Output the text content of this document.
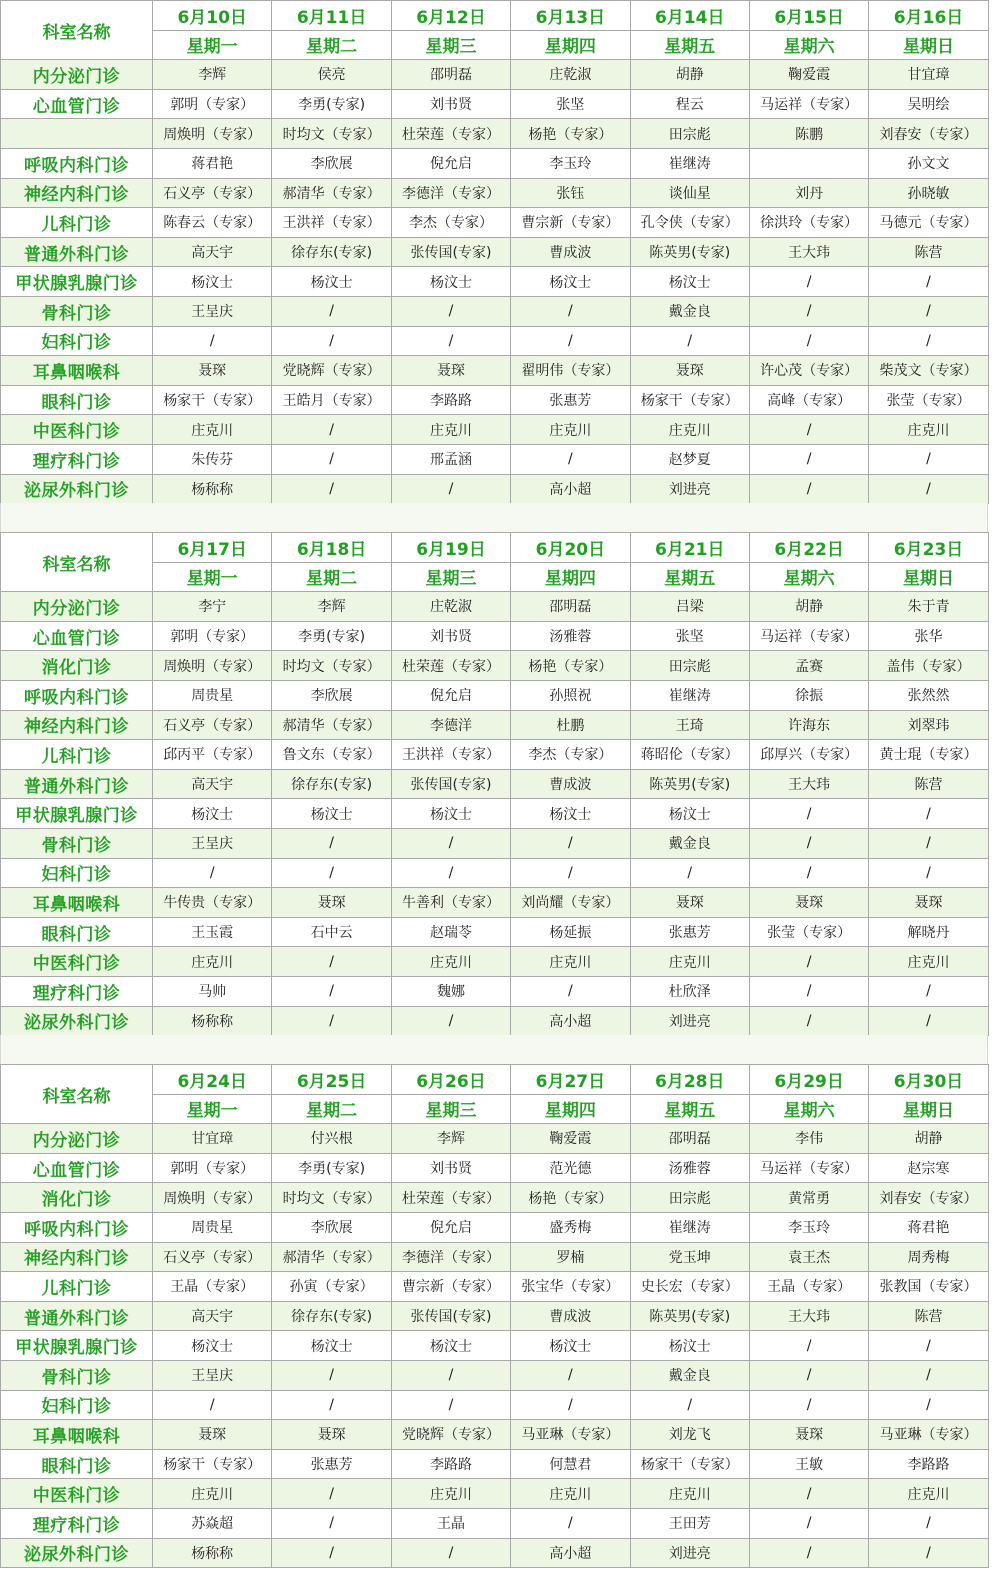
科室名称	6月10日	6月11日	6月12日	6月13日	6月14日	6月15日	6月16日
	星期一	星期二	星期三	星期四	星期五	星期六	星期日
内分泌门诊	李辉	侯亮	邵明磊	庄乾淑	胡静	鞠爱霞	甘宜璋
心血管门诊	郭明（专家）	李勇(专家)	刘书贤	张坚	程云	马运祥（专家）	吴明绘
	周焕明（专家）	时均文（专家）	杜荣莲（专家）	杨艳（专家）	田宗彪	陈鹏	刘春安（专家）
呼吸内科门诊	蒋君艳	李欣展	倪允启	李玉玲	崔继涛		孙文文
神经内科门诊	石义亭（专家）	郝清华（专家）	李德洋（专家）	张钰	谈仙星	刘丹	孙晓敏
儿科门诊	陈春云（专家）	王洪祥（专家）	李杰（专家）	曹宗新（专家）	孔令侠（专家）	徐洪玲（专家）	马德元（专家）
普通外科门诊	高天宇	徐存东(专家)	张传国(专家)	曹成波	陈英男(专家)	王大玮	陈营
甲状腺乳腺门诊	杨汶士	杨汶士	杨汶士	杨汶士	杨汶士	/	/
骨科门诊	王呈庆	/	/	/	戴金良	/	/
妇科门诊	/	/	/	/	/	/	/
耳鼻咽喉科	聂琛	党晓辉（专家）	聂琛	翟明伟（专家）	聂琛	许心茂（专家）	柴茂文（专家）
眼科门诊	杨家干（专家）	王皓月（专家）	李路路	张惠芳	杨家干（专家）	高峰（专家）	张莹（专家）
中医科门诊	庄克川	/	庄克川	庄克川	庄克川	/	庄克川
理疗科门诊	朱传芬	/	邢孟涵	/	赵梦夏	/	/
泌尿外科门诊	杨称称	/	/	高小超	刘进亮	/	/
科室名称	6月17日	6月18日	6月19日	6月20日	6月21日	6月22日	6月23日
	星期一	星期二	星期三	星期四	星期五	星期六	星期日
内分泌门诊	李宁	李辉	庄乾淑	邵明磊	吕梁	胡静	朱于青
心血管门诊	郭明（专家）	李勇(专家)	刘书贤	汤雅蓉	张坚	马运祥（专家）	张华
消化门诊	周焕明（专家）	时均文（专家）	杜荣莲（专家）	杨艳（专家）	田宗彪	孟赛	盖伟（专家）
呼吸内科门诊	周贵星	李欣展	倪允启	孙照祝	崔继涛	徐振	张然然
神经内科门诊	石义亭（专家）	郝清华（专家）	李德洋	杜鹏	王琦	许海东	刘翠玮
儿科门诊	邱丙平（专家）	鲁文东（专家）	王洪祥（专家）	李杰（专家）	蒋昭伦（专家）	邱厚兴（专家）	黄士琨（专家）
普通外科门诊	高天宇	徐存东(专家)	张传国(专家)	曹成波	陈英男(专家)	王大玮	陈营
甲状腺乳腺门诊	杨汶士	杨汶士	杨汶士	杨汶士	杨汶士	/	/
骨科门诊	王呈庆	/	/	/	戴金良	/	/
妇科门诊	/	/	/	/	/	/	/
耳鼻咽喉科	牛传贵（专家）	聂琛	牛善利（专家）	刘尚耀（专家）	聂琛	聂琛	聂琛
眼科门诊	王玉霞	石中云	赵瑞苓	杨延振	张惠芳	张莹（专家）	解晓丹
中医科门诊	庄克川	/	庄克川	庄克川	庄克川	/	庄克川
理疗科门诊	马帅	/	魏娜	/	杜欣泽	/	/
泌尿外科门诊	杨称称	/	/	高小超	刘进亮	/	/
科室名称	6月24日	6月25日	6月26日	6月27日	6月28日	6月29日	6月30日
	星期一	星期二	星期三	星期四	星期五	星期六	星期日
内分泌门诊	甘宜璋	付兴根	李辉	鞠爱霞	邵明磊	李伟	胡静
心血管门诊	郭明（专家）	李勇(专家)	刘书贤	范光德	汤雅蓉	马运祥（专家）	赵宗寒
消化门诊	周焕明（专家）	时均文（专家）	杜荣莲（专家）	杨艳（专家）	田宗彪	黄常勇	刘春安（专家）
呼吸内科门诊	周贵星	李欣展	倪允启	盛秀梅	崔继涛	李玉玲	蒋君艳
神经内科门诊	石义亭（专家）	郝清华（专家）	李德洋（专家）	罗楠	党玉坤	袁王杰	周秀梅
儿科门诊	王晶（专家）	孙寅（专家）	曹宗新（专家）	张宝华（专家）	史长宏（专家）	王晶（专家）	张教国（专家）
普通外科门诊	高天宇	徐存东(专家)	张传国(专家)	曹成波	陈英男(专家)	王大玮	陈营
甲状腺乳腺门诊	杨汶士	杨汶士	杨汶士	杨汶士	杨汶士	/	/
骨科门诊	王呈庆	/	/	/	戴金良	/	/
妇科门诊	/	/	/	/	/	/	/
耳鼻咽喉科	聂琛	聂琛	党晓辉（专家）	马亚琳（专家）	刘龙飞	聂琛	马亚琳（专家）
眼科门诊	杨家干（专家）	张惠芳	李路路	何慧君	杨家干（专家）	王敏	李路路
中医科门诊	庄克川	/	庄克川	庄克川	庄克川	/	庄克川
理疗科门诊	苏焱超	/	王晶	/	王田芳	/	/
泌尿外科门诊	杨称称	/	/	高小超	刘进亮	/	/
